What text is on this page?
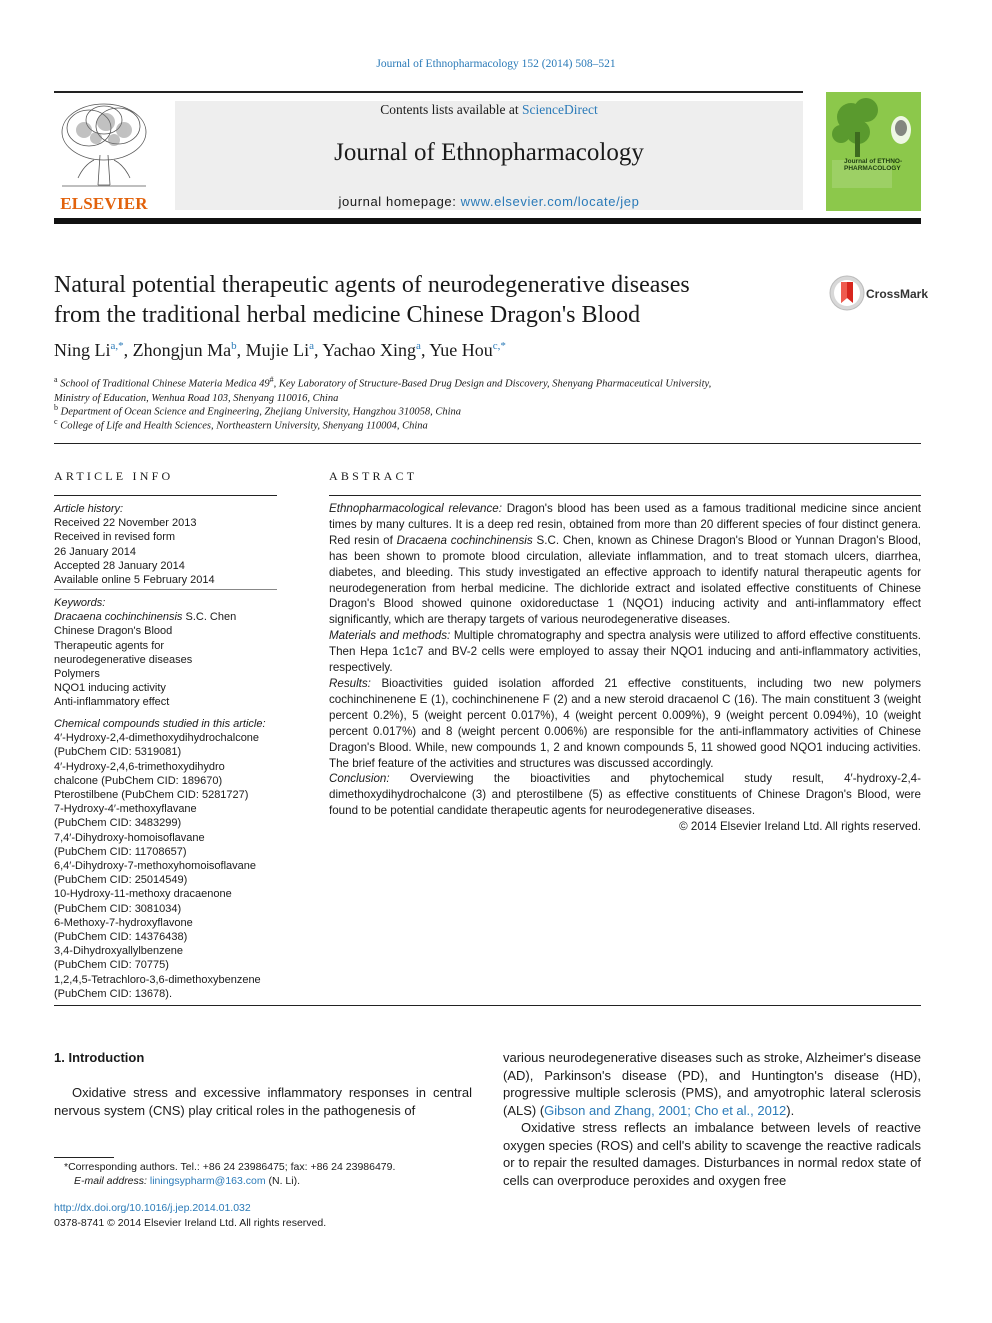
Journal of Ethnopharmacology 152 (2014) 508–521
ELSEVIER
Contents lists available at ScienceDirect
Journal of Ethnopharmacology
journal homepage: www.elsevier.com/locate/jep
Journal of ETHNO-PHARMACOLOGY
Natural potential therapeutic agents of neurodegenerative diseases
from the traditional herbal medicine Chinese Dragon's Blood
CrossMark
Ning $Li^{a,*}$, Zhongjun Ma$^b$, Mujie Li$^a$, Yachao Xing$^a$, Yue Hou$^{c,*}$
$^a$ School of Traditional Chinese Materia Medica 49#, Key Laboratory of Structure-Based Drug Design and Discovery, Shenyang Pharmaceutical University,
Ministry of Education, Wenhua Road 103, Shenyang 110016, China
$^b$ Department of Ocean Science and Engineering, Zhejiang University, Hangzhou 310058, China
$^c$ College of Life and Health Sciences, Northeastern University, Shenyang 110004, China
ARTICLE INFO
Article history:
Received 22 November 2013
Received in revised form
26 January 2014
Accepted 28 January 2014
Available online 5 February 2014
Keywords:
Dracaena cochinchinensis S.C. Chen
Chinese Dragon's Blood
Therapeutic agents for
neurodegenerative diseases
Polymers
NQO1 inducing activity
Anti-inflammatory effect
Chemical compounds studied in this article:
4′-Hydroxy-2,4-dimethoxydihydrochalcone
(PubChem CID: 5319081)
4′-Hydroxy-2,4,6-trimethoxydihydro
chalcone (PubChem CID: 189670)
Pterostilbene (PubChem CID: 5281727)
7-Hydroxy-4′-methoxyflavane
(PubChem CID: 3483299)
7,4′-Dihydroxy-homoisoflavane
(PubChem CID: 11708657)
6,4′-Dihydroxy-7-methoxyhomoisoflavane
(PubChem CID: 25014549)
10-Hydroxy-11-methoxy dracaenone
(PubChem CID: 3081034)
6-Methoxy-7-hydroxyflavone
(PubChem CID: 14376438)
3,4-Dihydroxyallylbenzene
(PubChem CID: 70775)
1,2,4,5-Tetrachloro-3,6-dimethoxybenzene
(PubChem CID: 13678).
ABSTRACT

Ethnopharmacological relevance: Dragon's blood has been used as a famous traditional medicine since ancient times by many cultures. It is a deep red resin, obtained from more than 20 different species of four distinct genera. Red resin of Dracaena cochinchinensis S.C. Chen, known as Chinese Dragon's Blood or Yunnan Dragon's Blood, has been shown to promote blood circulation, alleviate inflammation, and to treat stomach ulcers, diarrhea, diabetes, and bleeding. This study investigated an effective approach to identify natural therapeutic agents for neurodegeneration from herbal medicine. The dichloride extract and isolated effective constituents of Chinese Dragon's Blood showed quinone oxidoreductase 1 (NQO1) inducing activity and anti-inflammatory effect significantly, which are therapy targets of various neurodegenerative diseases.

Materials and methods: Multiple chromatography and spectra analysis were utilized to afford effective constituents. Then Hepa 1c1c7 and BV-2 cells were employed to assay their NQO1 inducing and anti-inflammatory activities, respectively.

Results: Bioactivities guided isolation afforded 21 effective constituents, including two new polymers cochinchinenene E (1), cochinchinenene F (2) and a new steroid dracaenol C (16). The main constituent 3 (weight percent 0.2%), 5 (weight percent 0.017%), 4 (weight percent 0.009%), 9 (weight percent 0.094%), 10 (weight percent 0.017%) and 8 (weight percent 0.006%) are responsible for the anti-inflammatory activities of Chinese Dragon's Blood. While, new compounds 1, 2 and known compounds 5, 11 showed good NQO1 inducing activities. The brief feature of the activities and structures was discussed accordingly.

Conclusion: Overviewing the bioactivities and phytochemical study result, 4′-hydroxy-2,4-dimethoxydihydrochalcone (3) and pterostilbene (5) as effective constituents of Chinese Dragon's Blood, were found to be potential candidate therapeutic agents for neurodegenerative diseases.

© 2014 Elsevier Ireland Ltd. All rights reserved.

1. Introduction

Oxidative stress and excessive inflammatory responses in central nervous system (CNS) play critical roles in the pathogenesis of

various neurodegenerative diseases such as stroke, Alzheimer's disease (AD), Parkinson's disease (PD), and Huntington's disease (HD), progressive multiple sclerosis (PMS), and amyotrophic lateral sclerosis (ALS) (Gibson and Zhang, 2001; Cho et al., 2012).

Oxidative stress reflects an imbalance between levels of reactive oxygen species (ROS) and cell's ability to scavenge the reactive radicals or to repair the resulted damages. Disturbances in normal redox state of cells can overproduce peroxides and oxygen free

*Corresponding authors. Tel.: +86 24 23986475; fax: +86 24 23986479.
E-mail address: liningsypharm@163.com (N. Li).
http://dx.doi.org/10.1016/j.jep.2014.01.032
0378-8741 © 2014 Elsevier Ireland Ltd. All rights reserved.
